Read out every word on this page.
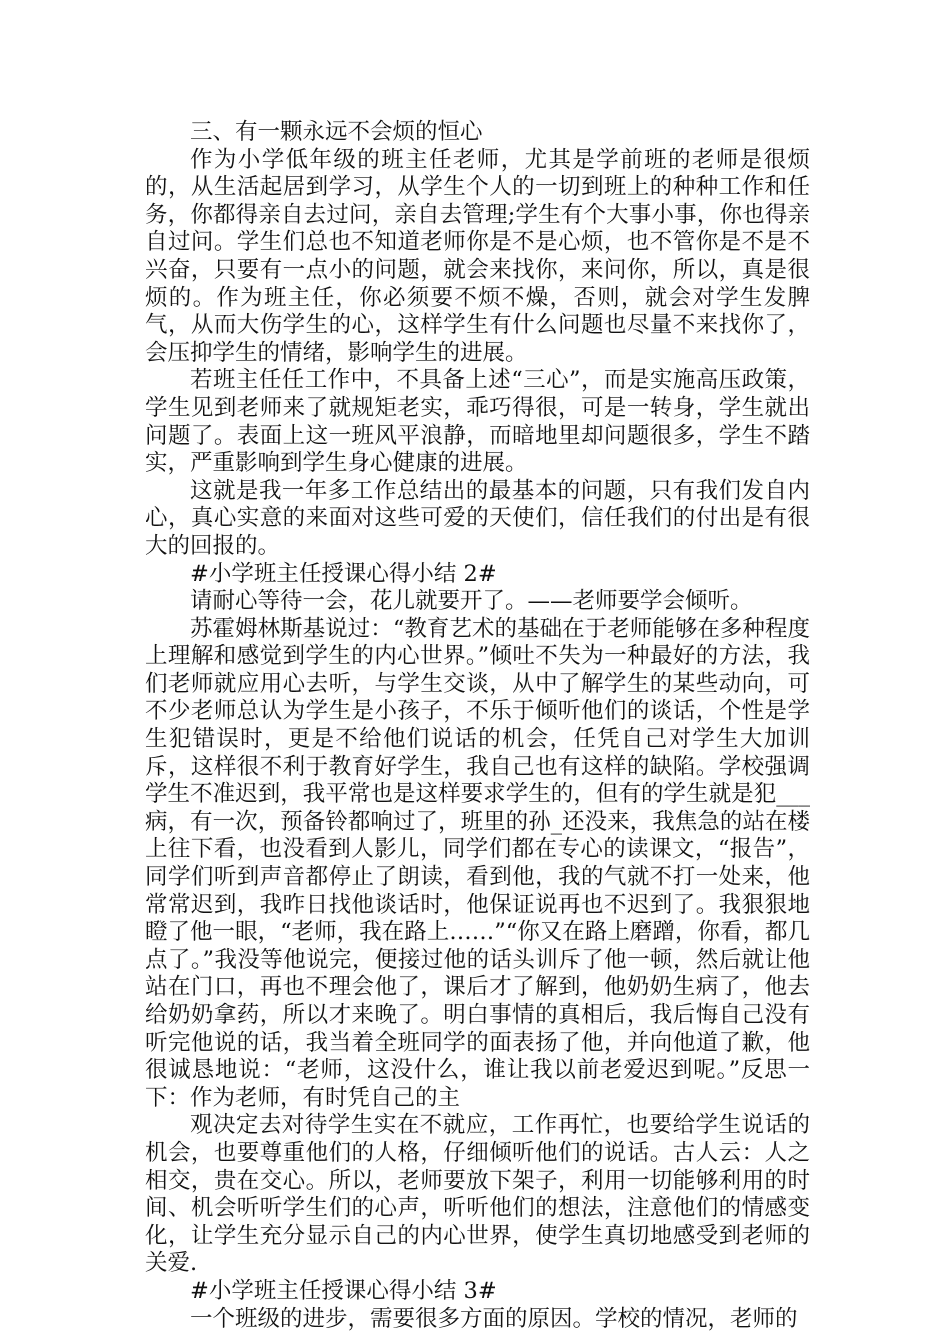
三、有一颗永远不会烦的恒心

作为小学低年级的班主任老师，尤其是学前班的老师是很烦的，从生活起居到学习，从学生个人的一切到班上的种种工作和任务，你都得亲自去过问，亲自去管理;学生有个大事小事，你也得亲自过问。学生们总也不知道老师你是不是心烦，也不管你是不是不兴奋，只要有一点小的问题，就会来找你，来问你，所以，真是很烦的。作为班主任，你必须要不烦不燥，否则，就会对学生发脾气，从而大伤学生的心，这样学生有什么问题也尽量不来找你了，会压抑学生的情绪，影响学生的进展。

若班主任任工作中，不具备上述“三心”，而是实施高压政策，学生见到老师来了就规矩老实，乖巧得很，可是一转身，学生就出问题了。表面上这一班风平浪静，而暗地里却问题很多，学生不踏实，严重影响到学生身心健康的进展。

这就是我一年多工作总结出的最基本的问题，只有我们发自内心，真心实意的来面对这些可爱的天使们，信任我们的付出是有很大的回报的。

#小学班主任授课心得小结 2#

请耐心等待一会，花儿就要开了。——老师要学会倾听。

苏霍姆林斯基说过：“教育艺术的基础在于老师能够在多种程度上理解和感觉到学生的内心世界。”倾吐不失为一种最好的方法，我们老师就应用心去听，与学生交谈，从中了解学生的某些动向，可不少老师总认为学生是小孩子，不乐于倾听他们的谈话，个性是学生犯错误时，更是不给他们说话的机会，任凭自己对学生大加训斥，这样很不利于教育好学生，我自己也有这样的缺陷。学校强调学生不准迟到，我平常也是这样要求学生的，但有的学生就是犯___病，有一次，预备铃都响过了，班里的孙_还没来，我焦急的站在楼上往下看，也没看到人影儿，同学们都在专心的读课文，“报告”，同学们听到声音都停止了朗读，看到他，我的气就不打一处来，他常常迟到，我昨日找他谈话时，他保证说再也不迟到了。我狠狠地瞪了他一眼，“老师，我在路上……”“你又在路上磨蹭，你看，都几点了。”我没等他说完，便接过他的话头训斥了他一顿，然后就让他站在门口，再也不理会他了，课后才了解到，他奶奶生病了，他去给奶奶拿药，所以才来晚了。明白事情的真相后，我后悔自己没有听完他说的话，我当着全班同学的面表扬了他，并向他道了歉，他很诚恳地说：“老师，这没什么，谁让我以前老爱迟到呢。”反思一下：作为老师，有时凭自己的主

观决定去对待学生实在不就应，工作再忙，也要给学生说话的机会，也要尊重他们的人格，仔细倾听他们的说话。古人云：人之相交，贵在交心。所以，老师要放下架子，利用一切能够利用的时间、机会听听学生们的心声，听听他们的想法，注意他们的情感变化，让学生充分显示自己的内心世界，使学生真切地感受到老师的关爱.

#小学班主任授课心得小结 3#

一个班级的进步，需要很多方面的原因。学校的情况，老师的
